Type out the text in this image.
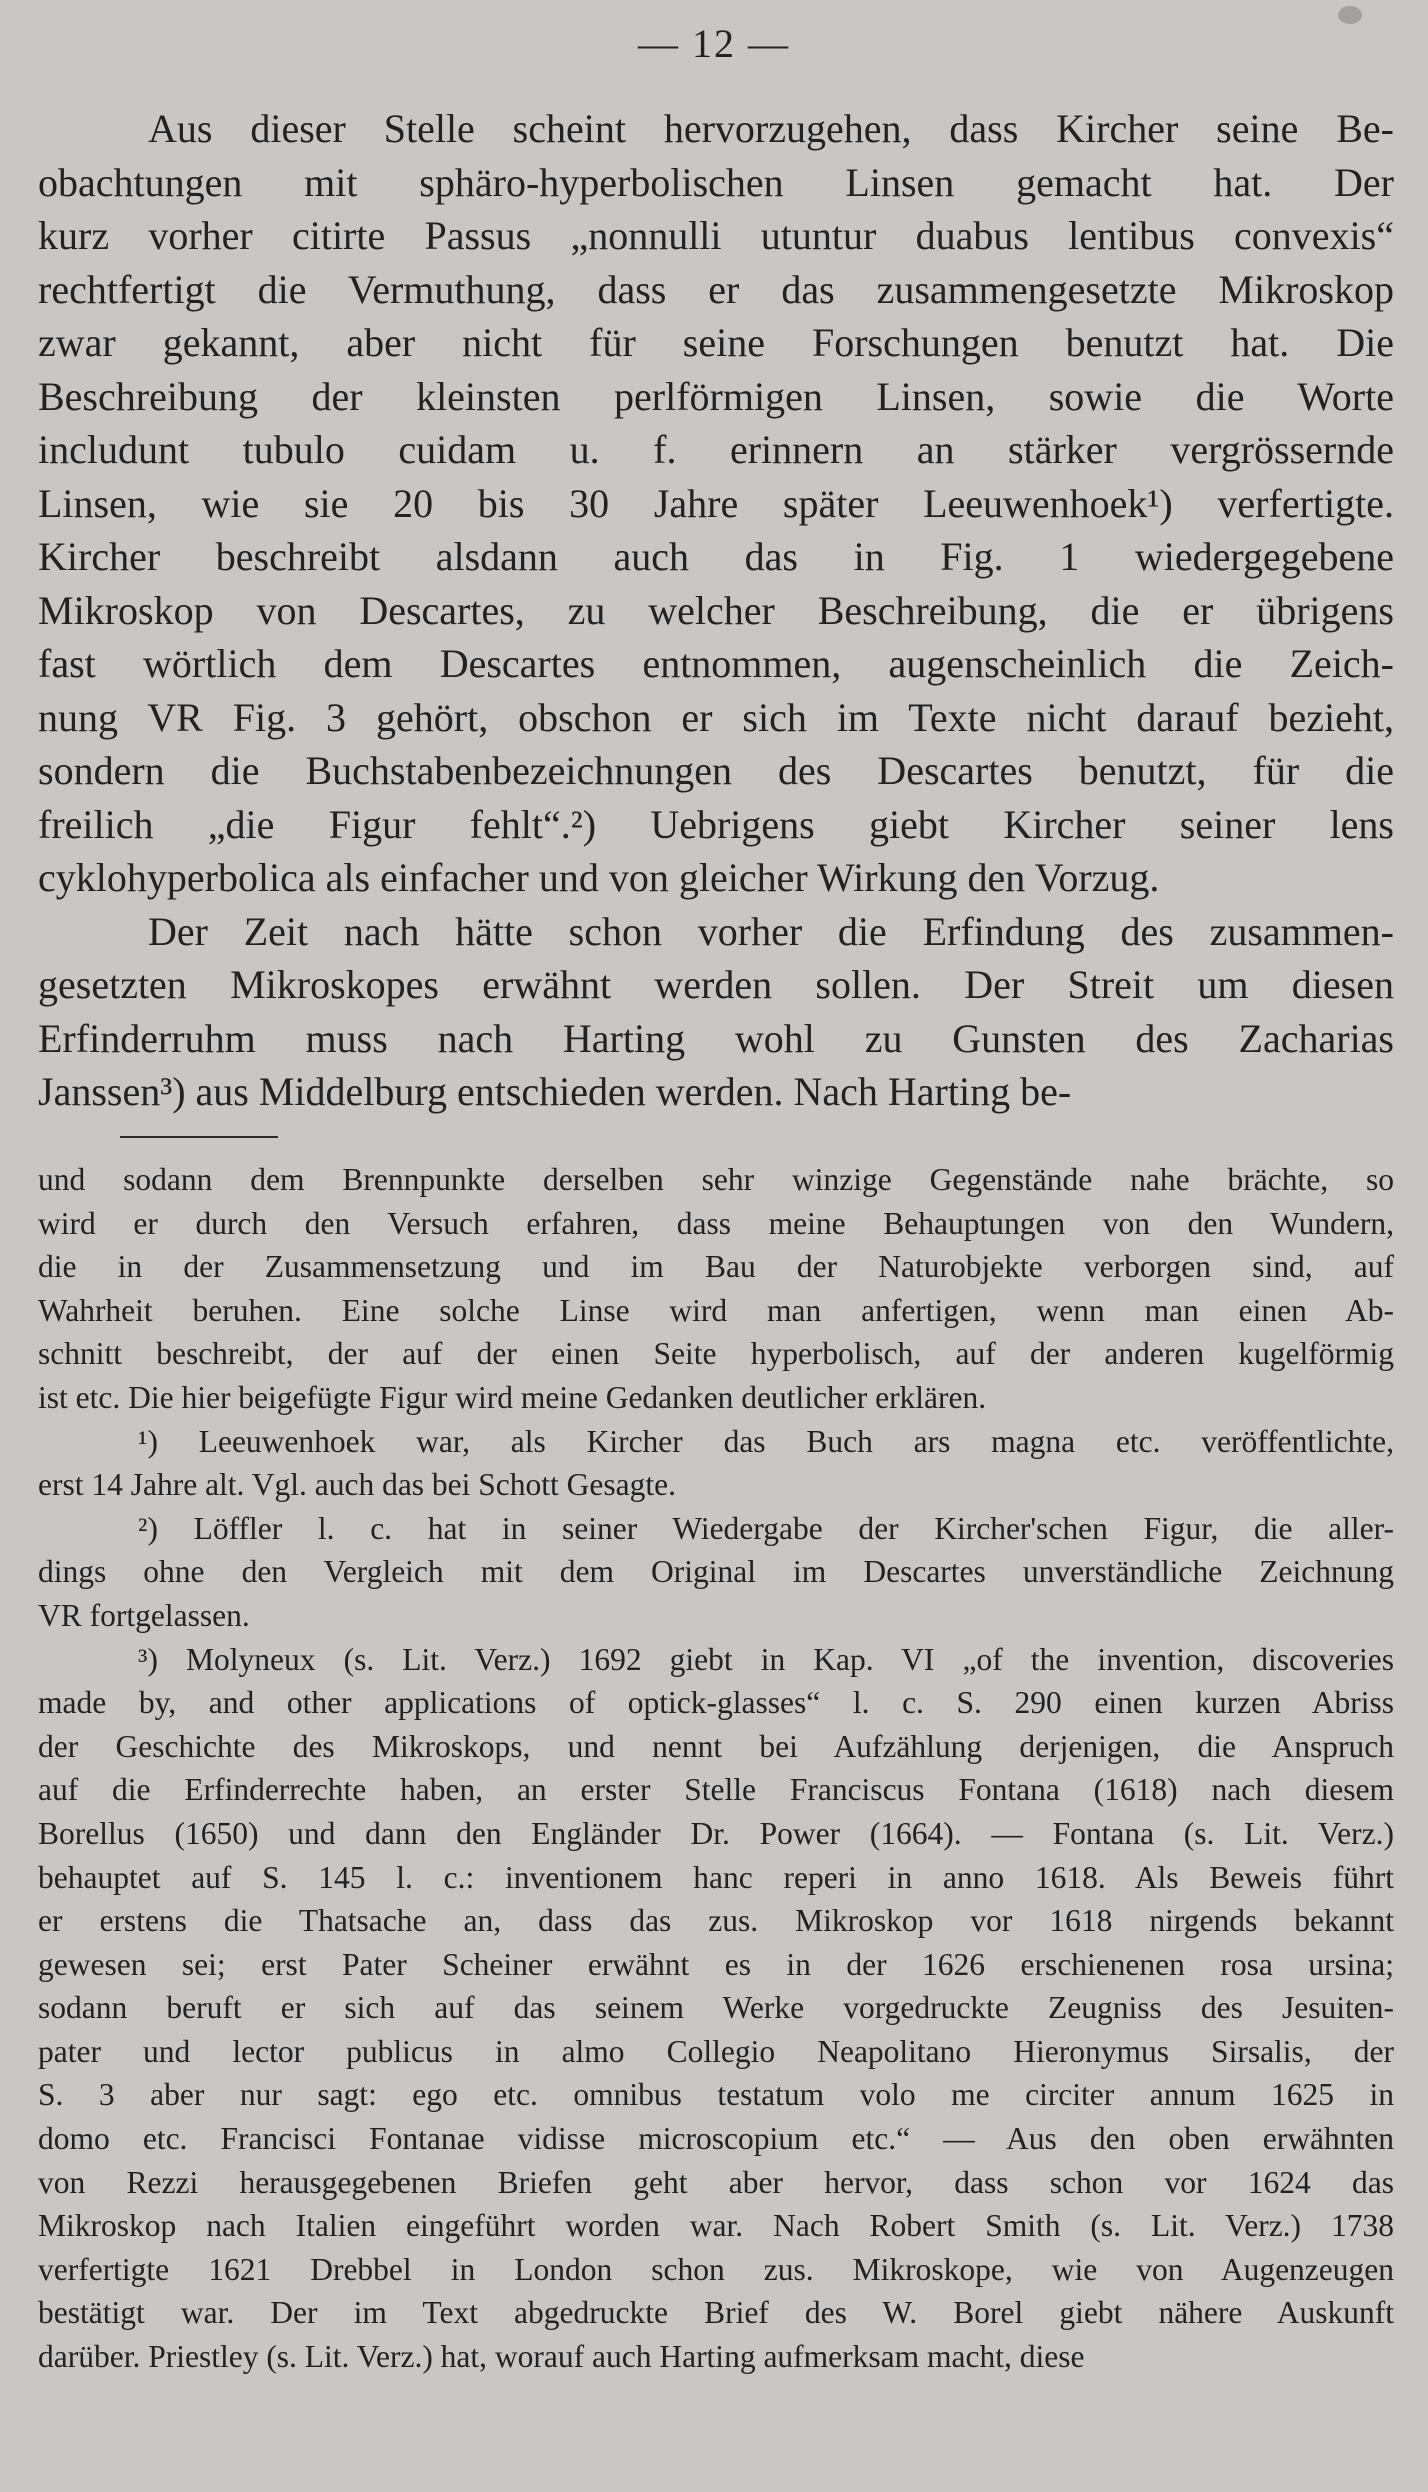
— 12 —
Aus dieser Stelle scheint hervorzugehen, dass Kircher seine Be-
obachtungen mit sphäro-hyperbolischen Linsen gemacht hat. Der
kurz vorher citirte Passus „nonnulli utuntur duabus lentibus convexis“
rechtfertigt die Vermuthung, dass er das zusammengesetzte Mikroskop
zwar gekannt, aber nicht für seine Forschungen benutzt hat. Die
Beschreibung der kleinsten perlförmigen Linsen, sowie die Worte
includunt tubulo cuidam u. f. erinnern an stärker vergrössernde
Linsen, wie sie 20 bis 30 Jahre später Leeuwenhoek¹) verfertigte.
Kircher beschreibt alsdann auch das in Fig. 1 wiedergegebene
Mikroskop von Descartes, zu welcher Beschreibung, die er übrigens
fast wörtlich dem Descartes entnommen, augenscheinlich die Zeich-
nung VR Fig. 3 gehört, obschon er sich im Texte nicht darauf bezieht,
sondern die Buchstabenbezeichnungen des Descartes benutzt, für die
freilich „die Figur fehlt“.²) Uebrigens giebt Kircher seiner lens
cyklohyperbolica als einfacher und von gleicher Wirkung den Vorzug.
Der Zeit nach hätte schon vorher die Erfindung des zusammen-
gesetzten Mikroskopes erwähnt werden sollen. Der Streit um diesen
Erfinderruhm muss nach Harting wohl zu Gunsten des Zacharias
Janssen³) aus Middelburg entschieden werden. Nach Harting be-
und sodann dem Brennpunkte derselben sehr winzige Gegenstände nahe brächte, so
wird er durch den Versuch erfahren, dass meine Behauptungen von den Wundern,
die in der Zusammensetzung und im Bau der Naturobjekte verborgen sind, auf
Wahrheit beruhen. Eine solche Linse wird man anfertigen, wenn man einen Ab-
schnitt beschreibt, der auf der einen Seite hyperbolisch, auf der anderen kugelförmig
ist etc. Die hier beigefügte Figur wird meine Gedanken deutlicher erklären.
¹) Leeuwenhoek war, als Kircher das Buch ars magna etc. veröffentlichte,
erst 14 Jahre alt. Vgl. auch das bei Schott Gesagte.
²) Löffler l. c. hat in seiner Wiedergabe der Kircher'schen Figur, die aller-
dings ohne den Vergleich mit dem Original im Descartes unverständliche Zeichnung
VR fortgelassen.
³) Molyneux (s. Lit. Verz.) 1692 giebt in Kap. VI „of the invention, discoveries
made by, and other applications of optick-glasses“ l. c. S. 290 einen kurzen Abriss
der Geschichte des Mikroskops, und nennt bei Aufzählung derjenigen, die Anspruch
auf die Erfinderrechte haben, an erster Stelle Franciscus Fontana (1618) nach diesem
Borellus (1650) und dann den Engländer Dr. Power (1664). — Fontana (s. Lit. Verz.)
behauptet auf S. 145 l. c.: inventionem hanc reperi in anno 1618. Als Beweis führt
er erstens die Thatsache an, dass das zus. Mikroskop vor 1618 nirgends bekannt
gewesen sei; erst Pater Scheiner erwähnt es in der 1626 erschienenen rosa ursina;
sodann beruft er sich auf das seinem Werke vorgedruckte Zeugniss des Jesuiten-
pater und lector publicus in almo Collegio Neapolitano Hieronymus Sirsalis, der
S. 3 aber nur sagt: ego etc. omnibus testatum volo me circiter annum 1625 in
domo etc. Francisci Fontanae vidisse microscopium etc.“ — Aus den oben erwähnten
von Rezzi herausgegebenen Briefen geht aber hervor, dass schon vor 1624 das
Mikroskop nach Italien eingeführt worden war. Nach Robert Smith (s. Lit. Verz.) 1738
verfertigte 1621 Drebbel in London schon zus. Mikroskope, wie von Augenzeugen
bestätigt war. Der im Text abgedruckte Brief des W. Borel giebt nähere Auskunft
darüber. Priestley (s. Lit. Verz.) hat, worauf auch Harting aufmerksam macht, diese
